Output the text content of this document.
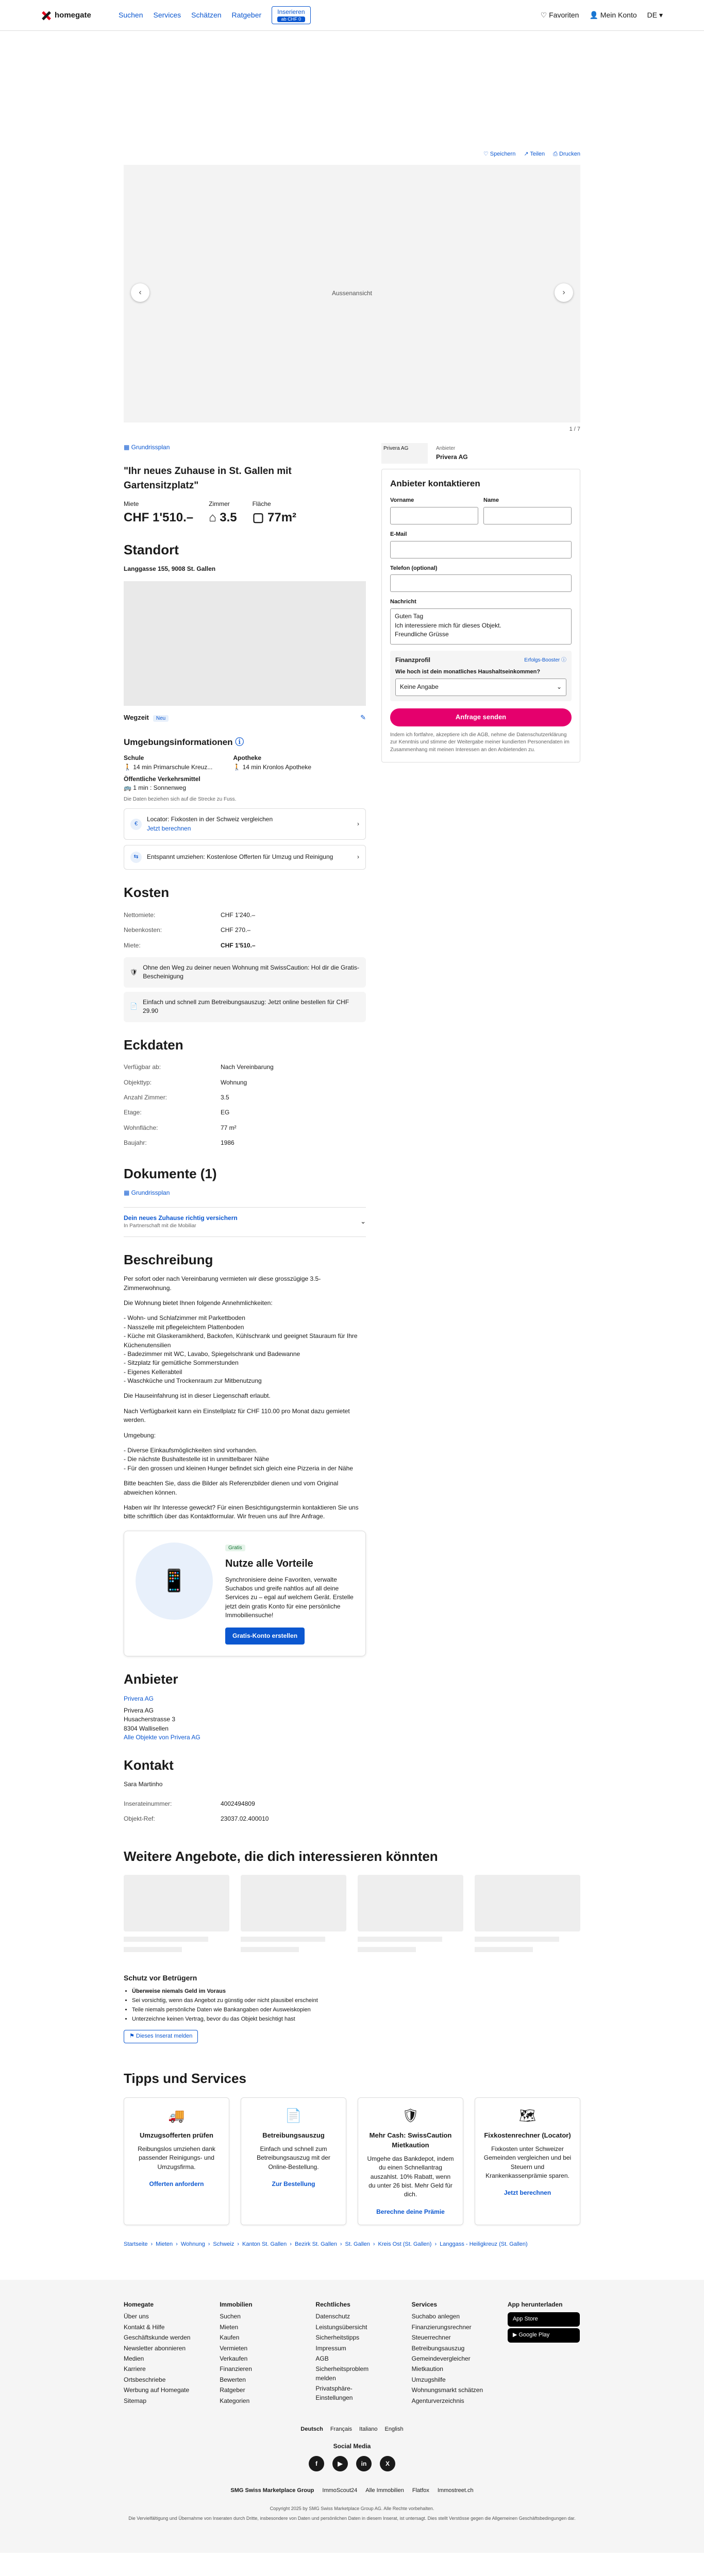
homegate	Suchen Services Schätzen Ratgeber	Inserieren
ab CHF 0	♡ Favoriten 👤 Mein Konto DE ▾
♡ Speichern ↗ Teilen ⎙ Drucken
Aussenansicht
‹	›
1 / 7
▦ Grundrissplan
"Ihr neues Zuhause in St. Gallen mit Gartensitzplatz"
Miete
CHF 1'510.–
Zimmer
⌂ 3.5
Fläche
▢ 77m²
Standort
Langgasse 155, 9008 St. Gallen
Wegzeit Neu	✎
Umgebungsinformationen ⓘ
Schule
🚶 14 min Primarschule Kreuz...
Apotheke
🚶 14 min Kronlos Apotheke
Öffentliche Verkehrsmittel
🚌 1 min : Sonnenweg
Die Daten beziehen sich auf die Strecke zu Fuss.
€
Locator: Fixkosten in der Schweiz vergleichen
Jetzt berechnen
›
⇆	Entspannt umziehen: Kostenlose Offerten für Umzug und Reinigung	›
Kosten
Nettomiete:	CHF 1'240.–
Nebenkosten:	CHF 270.–
Miete:	CHF 1'510.–
🛡
Ohne den Weg zu deiner neuen Wohnung mit SwissCaution: Hol dir die Gratis-Bescheinigung
📄
Einfach und schnell zum Betreibungsauszug: Jetzt online bestellen für CHF 29.90
Eckdaten
Verfügbar ab:	Nach Vereinbarung
Objekttyp:	Wohnung
Anzahl Zimmer:	3.5
Etage:	EG
Wohnfläche:	77 m²
Baujahr:	1986
Dokumente (1)
▦ Grundrissplan
Dein neues Zuhause richtig versichern
In Partnerschaft mit die Mobiliar
⌄
Beschreibung

Per sofort oder nach Vereinbarung vermieten wir diese grosszügige 3.5-Zimmerwohnung.

Die Wohnung bietet Ihnen folgende Annehmlichkeiten:

- Wohn- und Schlafzimmer mit Parkettboden
- Nasszelle mit pflegeleichtem Plattenboden
- Küche mit Glaskeramikherd, Backofen, Kühlschrank und geeignet Stauraum für Ihre Küchenutensilien
- Badezimmer mit WC, Lavabo, Spiegelschrank und Badewanne
- Sitzplatz für gemütliche Sommerstunden
- Eigenes Kellerabteil
- Waschküche und Trockenraum zur Mitbenutzung

Die Hauseinfahrung ist in dieser Liegenschaft erlaubt.

Nach Verfügbarkeit kann ein Einstellplatz für CHF 110.00 pro Monat dazu gemietet werden.

Umgebung:

- Diverse Einkaufsmöglichkeiten sind vorhanden.
- Die nächste Bushaltestelle ist in unmittelbarer Nähe
- Für den grossen und kleinen Hunger befindet sich gleich eine Pizzeria in der Nähe

Bitte beachten Sie, dass die Bilder als Referenzbilder dienen und vom Original abweichen können.

Haben wir Ihr Interesse geweckt? Für einen Besichtigungstermin kontaktieren Sie uns bitte schriftlich über das Kontaktformular. Wir freuen uns auf Ihre Anfrage.

📱
Gratis
Nutze alle Vorteile
Synchronisiere deine Favoriten, verwalte Suchabos und greife nahtlos auf all deine Services zu – egal auf welchem Gerät. Erstelle jetzt dein gratis Konto für eine persönliche Immobiliensuche!
Gratis-Konto erstellen
Anbieter
Privera AG
Privera AG
Husacherstrasse 3
8304 Wallisellen
Alle Objekte von Privera AG
Kontakt
Sara Martinho
Inserateinummer:	4002494809
Objekt-Ref:	23037.02.400010
Privera AG	Anbieter
Privera AG
Anbieter kontaktieren
Vorname	Name
E-Mail
Telefon (optional)
Nachricht
Guten Tag
Ich interessiere mich für dieses Objekt.
Freundliche Grüsse
Finanzprofil	Erfolgs-Booster ⓘ
Wie hoch ist dein monatliches Haushaltseinkommen?
Keine Angabe	⌄
Anfrage senden
Indem ich fortfahre, akzeptiere ich die AGB, nehme die Datenschutzerklärung zur Kenntnis und stimme der Weitergabe meiner kundierten Personendaten im Zusammenhang mit meinen Interessen an den Anbietenden zu.
Weitere Angebote, die dich interessieren könnten
Schutz vor Betrügern
• Überweise niemals Geld im Voraus
• Sei vorsichtig, wenn das Angebot zu günstig oder nicht plausibel erscheint
• Teile niemals persönliche Daten wie Bankangaben oder Ausweiskopien
• Unterzeichne keinen Vertrag, bevor du das Objekt besichtigt hast
⚑ Dieses Inserat melden
Tipps und Services
🚚
Umzugsofferten prüfen
Reibungslos umziehen dank passender Reinigungs- und Umzugsfirma.
Offerten anfordern
📄
Betreibungsauszug
Einfach und schnell zum Betreibungsauszug mit der Online-Bestellung.
Zur Bestellung
🛡
Mehr Cash: SwissCaution Mietkaution
Umgehe das Bankdepot, indem du einen Schnellantrag auszahlst. 10% Rabatt, wenn du unter 26 bist. Mehr Geld für dich.
Berechne deine Prämie
🗺
Fixkostenrechner (Locator)
Fixkosten unter Schweizer Gemeinden vergleichen und bei Steuern und Krankenkassenprämie sparen.
Jetzt berechnen
Startseite › Mieten › Wohnung › Schweiz › Kanton St. Gallen › Bezirk St. Gallen › St. Gallen › Kreis Ost (St. Gallen) › Langgass - Heiligkreuz (St. Gallen)
Homegate
Über uns
Kontakt & Hilfe
Geschäftskunde werden
Newsletter abonnieren
Medien
Karriere
Ortsbeschriebe
Werbung auf Homegate
Sitemap
Immobilien
Suchen
Mieten
Kaufen
Vermieten
Verkaufen
Finanzieren
Bewerten
Ratgeber
Kategorien
Rechtliches
Datenschutz
Leistungsübersicht
Sicherheitstipps
Impressum
AGB
Sicherheitsproblem melden
Privatsphäre-Einstellungen
Services
Suchabo anlegen
Finanzierungsrechner
Steuerrechner
Betreibungsauszug
Gemeindevergleicher
Mietkaution
Umzugshilfe
Wohnungsmarkt schätzen
Agenturverzeichnis
App herunterladen
App Store
▶ Google Play
Deutsch Français Italiano English
Social Media
f	▶	in	X
SMG Swiss Marketplace Group ImmoScout24 Alle Immobilien Flatfox Immostreet.ch
Copyright 2025 by SMG Swiss Marketplace Group AG. Alle Rechte vorbehalten.
Die Vervielfältigung und Übernahme von Inseraten durch Dritte, insbesondere von Daten und persönlichen Daten in diesem Inserat, ist untersagt. Dies stellt Verstösse gegen die Allgemeinen Geschäftsbedingungen dar.
